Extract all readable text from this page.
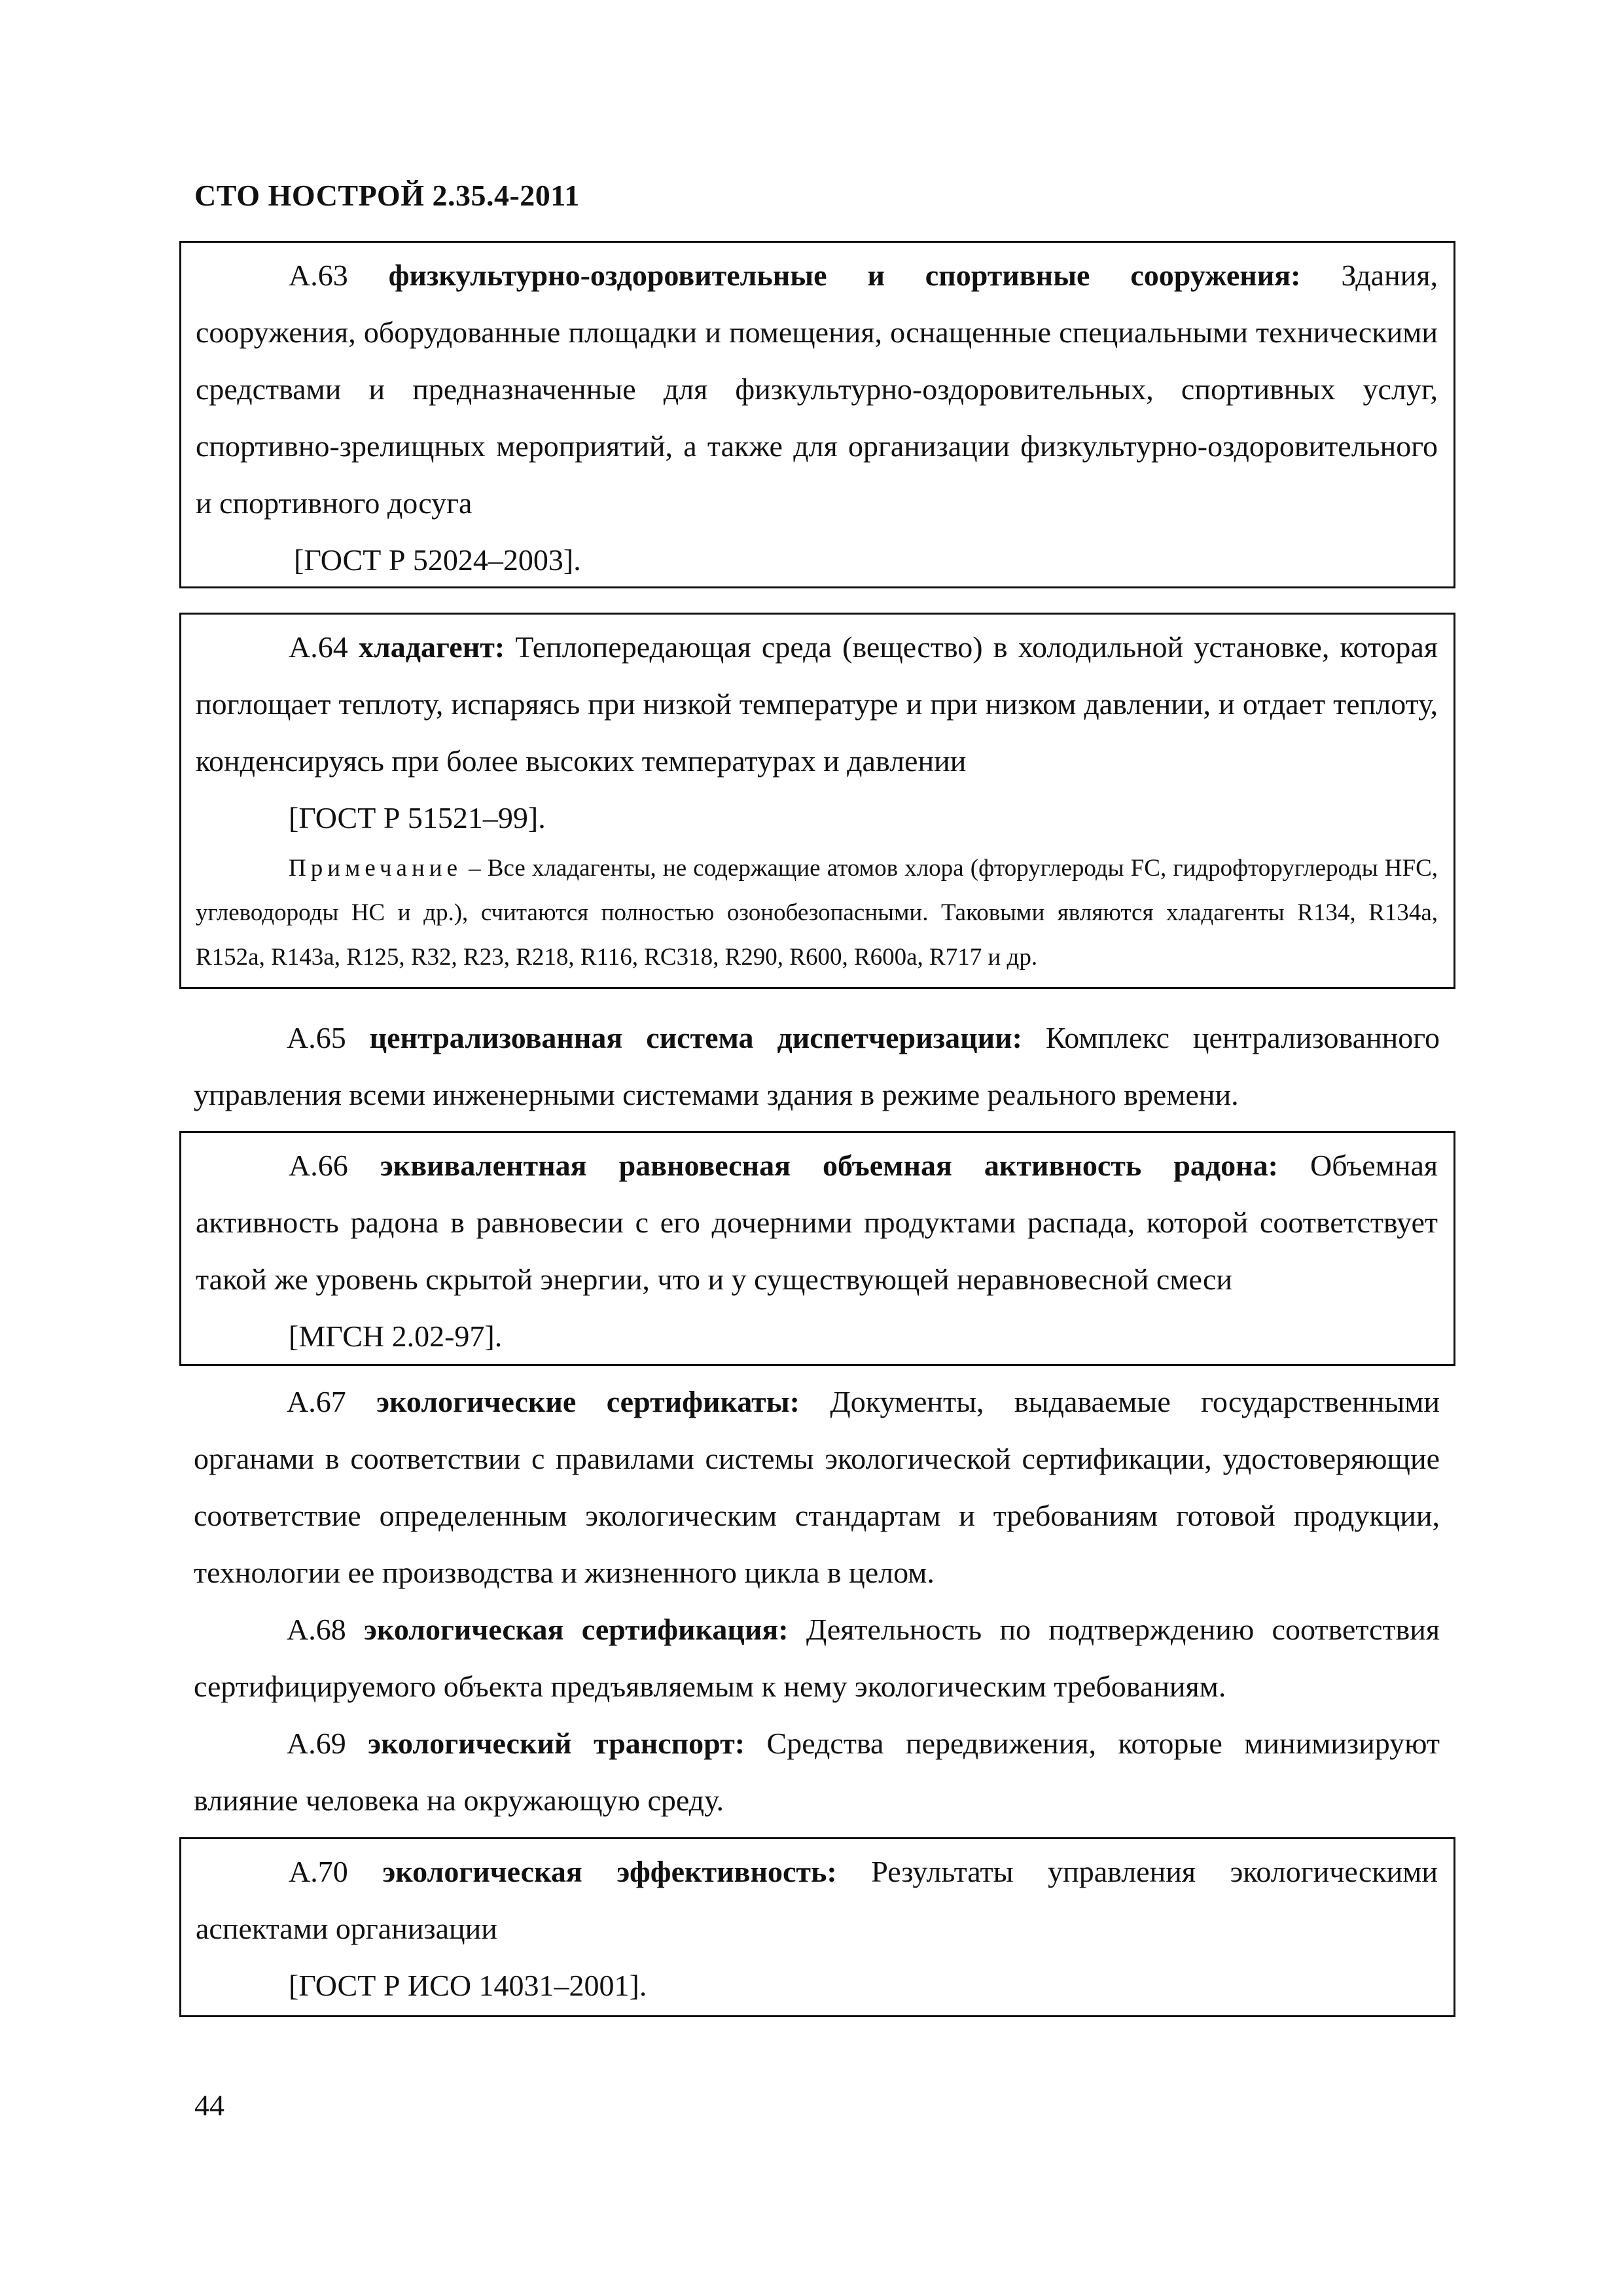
СТО НОСТРОЙ 2.35.4-2011

А.63 физкультурно-оздоровительные и спортивные сооружения: Здания, сооружения, оборудованные площадки и помещения, оснащенные специальными техническими средствами и предназначенные для физкультурно-оздоровительных, спортивных услуг, спортивно-зрелищных мероприятий, а также для организации физкультурно-оздоровительного и спортивного досуга

[ГОСТ Р 52024–2003].

А.64 хладагент: Теплопередающая среда (вещество) в холодильной установке, которая поглощает теплоту, испаряясь при низкой температуре и при низком давлении, и отдает теплоту, конденсируясь при более высоких температурах и давлении

[ГОСТ Р 51521–99].

Примечание – Все хладагенты, не содержащие атомов хлора (фторуглероды FC, гидрофторуглероды HFC, углеводороды HC и др.), считаются полностью озонобезопасными. Таковыми являются хладагенты R134, R134a, R152a, R143a, R125, R32, R23, R218, R116, RC318, R290, R600, R600a, R717 и др.

А.65 централизованная система диспетчеризации: Комплекс централизованного управления всеми инженерными системами здания в режиме реального времени.

А.66 эквивалентная равновесная объемная активность радона: Объемная активность радона в равновесии с его дочерними продуктами распада, которой соответствует такой же уровень скрытой энергии, что и у существующей неравновесной смеси

[МГСН 2.02-97].

А.67 экологические сертификаты: Документы, выдаваемые государственными органами в соответствии с правилами системы экологической сертификации, удостоверяющие соответствие определенным экологическим стандартам и требованиям готовой продукции, технологии ее производства и жизненного цикла в целом.

А.68 экологическая сертификация: Деятельность по подтверждению соответствия сертифицируемого объекта предъявляемым к нему экологическим требованиям.

А.69 экологический транспорт: Средства передвижения, которые минимизируют влияние человека на окружающую среду.

А.70 экологическая эффективность: Результаты управления экологическими аспектами организации

[ГОСТ Р ИСО 14031–2001].

44
